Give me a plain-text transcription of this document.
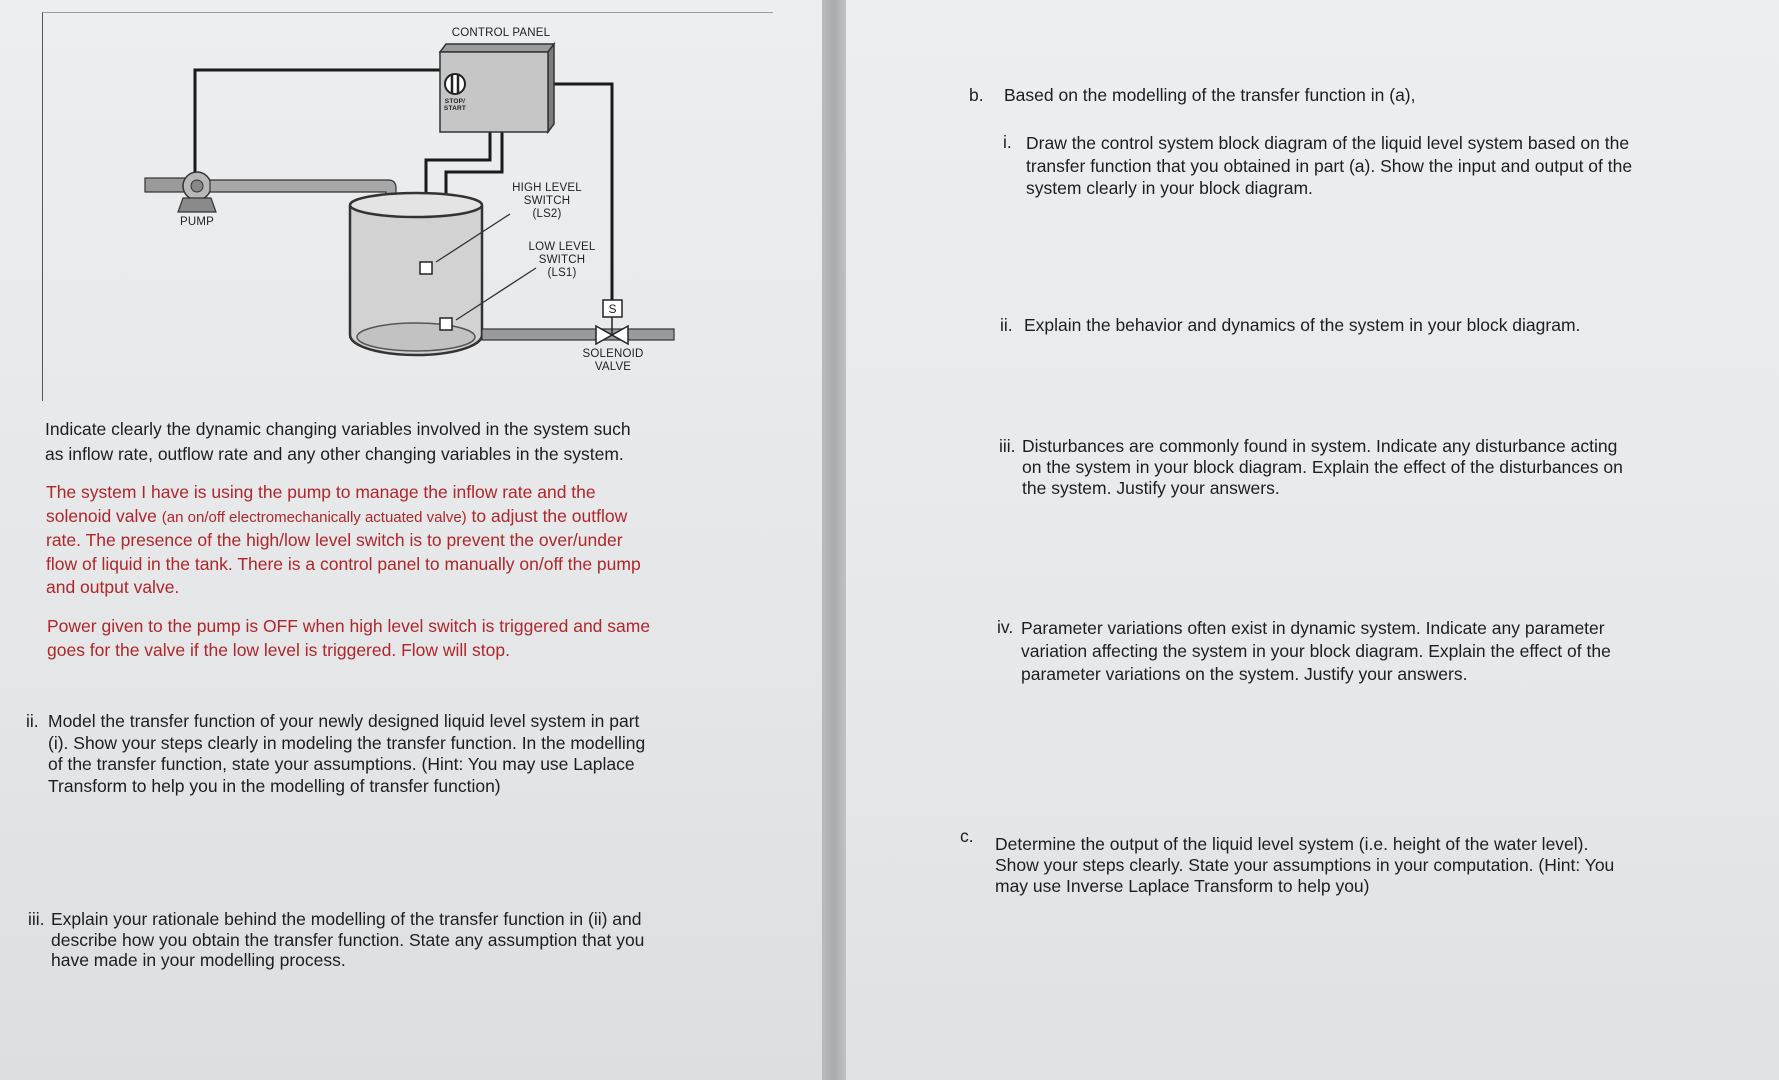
S
CONTROL PANEL
STOP/
START
PUMP
HIGH LEVEL
SWITCH
(LS2)
LOW LEVEL
SWITCH
(LS1)
SOLENOID
VALVE
Indicate clearly the dynamic changing variables involved in the system such
as inflow rate, outflow rate and any other changing variables in the system.
The system I have is using the pump to manage the inflow rate and the
solenoid valve (an on/off electromechanically actuated valve) to adjust the outflow
rate. The presence of the high/low level switch is to prevent the over/under
flow of liquid in the tank. There is a control panel to manually on/off the pump
and output valve.
Power given to the pump is OFF when high level switch is triggered and same
goes for the valve if the low level is triggered. Flow will stop.
ii. Model the transfer function of your newly designed liquid level system in part
(i). Show your steps clearly in modeling the transfer function. In the modelling
of the transfer function, state your assumptions. (Hint: You may use Laplace
Transform to help you in the modelling of transfer function)
iii. Explain your rationale behind the modelling of the transfer function in (ii) and
describe how you obtain the transfer function. State any assumption that you
have made in your modelling process.
b. Based on the modelling of the transfer function in (a),
i. Draw the control system block diagram of the liquid level system based on the
transfer function that you obtained in part (a). Show the input and output of the
system clearly in your block diagram.
ii. Explain the behavior and dynamics of the system in your block diagram.
iii. Disturbances are commonly found in system. Indicate any disturbance acting
on the system in your block diagram. Explain the effect of the disturbances on
the system. Justify your answers.
iv. Parameter variations often exist in dynamic system. Indicate any parameter
variation affecting the system in your block diagram. Explain the effect of the
parameter variations on the system. Justify your answers.
c. Determine the output of the liquid level system (i.e. height of the water level).
Show your steps clearly. State your assumptions in your computation. (Hint: You
may use Inverse Laplace Transform to help you)
